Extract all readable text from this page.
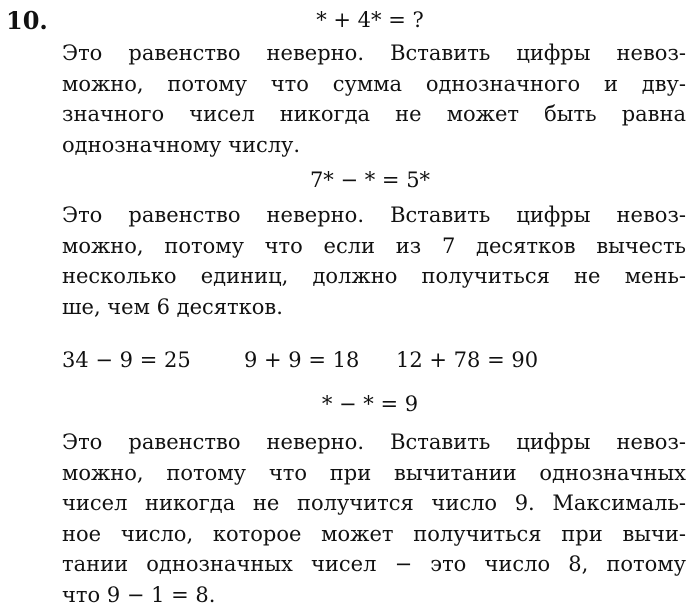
10.	* + 4* = ?
Это равенство неверно. Вставить цифры невоз-
можно, потому что сумма однозначного и дву-
значного чисел никогда не может быть равна
однозначному числу.
7* − * = 5*
Это равенство неверно. Вставить цифры невоз-
можно, потому что если из 7 десятков вычесть
несколько единиц, должно получиться не мень-
ше, чем 6 десятков.
34 − 9 = 25	9 + 9 = 18 12 + 78 = 90
* − * = 9
Это равенство неверно. Вставить цифры невоз-
можно, потому что при вычитании однозначных
чисел никогда не получится число 9. Максималь-
ное число, которое может получиться при вычи-
тании однозначных чисел − это число 8, потому
что 9 − 1 = 8.
